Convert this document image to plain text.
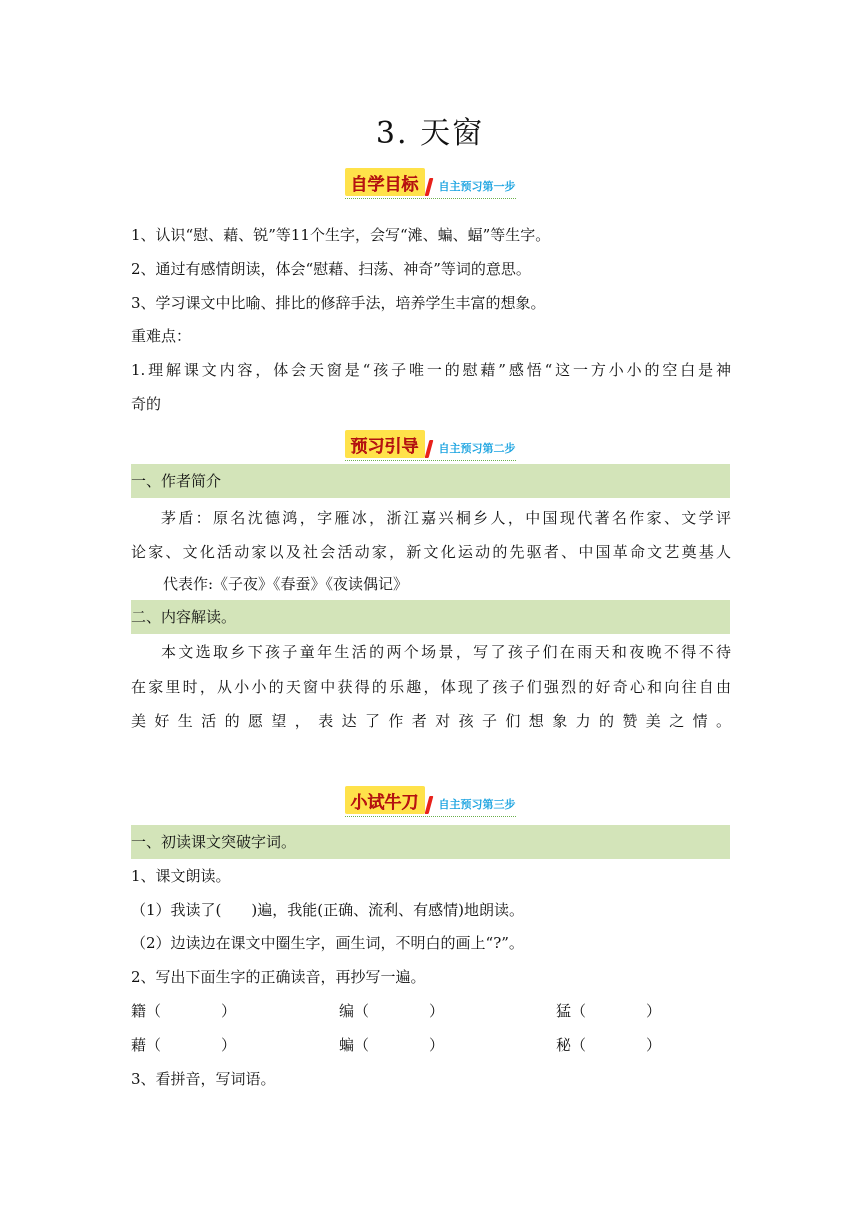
3. 天窗
自学目标	自主预习第一步
1、认识“慰、藉、锐”等11个生字，会写“滩、蝙、蝠”等生字。
2、通过有感情朗读，体会“慰藉、扫荡、神奇”等词的意思。
3、学习课文中比喻、排比的修辞手法，培养学生丰富的想象。
重难点：
1.理解课文内容，体会天窗是“孩子唯一的慰藉”感悟“这一方小小的空白是神
奇的
预习引导	自主预习第二步
一、作者简介
茅盾：原名沈德鸿，字雁冰，浙江嘉兴桐乡人，中国现代著名作家、文学评
论家、文化活动家以及社会活动家，新文化运动的先驱者、中国革命文艺奠基人
代表作:《子夜》《春蚕》《夜读偶记》
二、内容解读。
本文选取乡下孩子童年生活的两个场景，写了孩子们在雨天和夜晚不得不待
在家里时，从小小的天窗中获得的乐趣，体现了孩子们强烈的好奇心和向往自由
美好生活的愿望，表达了作者对孩子们想象力的赞美之情。
小试牛刀	自主预习第三步
一、初读课文突破字词。
1、课文朗读。
（1）我读了(　　)遍，我能(正确、流利、有感情)地朗读。
（2）边读边在课文中圈生字，画生词，不明白的画上“?”。
2、写出下面生字的正确读音，再抄写一遍。
籍（　　　　）	编（　　　　）	猛（　　　　）
藉（　　　　）	蝙（　　　　）	秘（　　　　）
3、看拼音，写词语。
